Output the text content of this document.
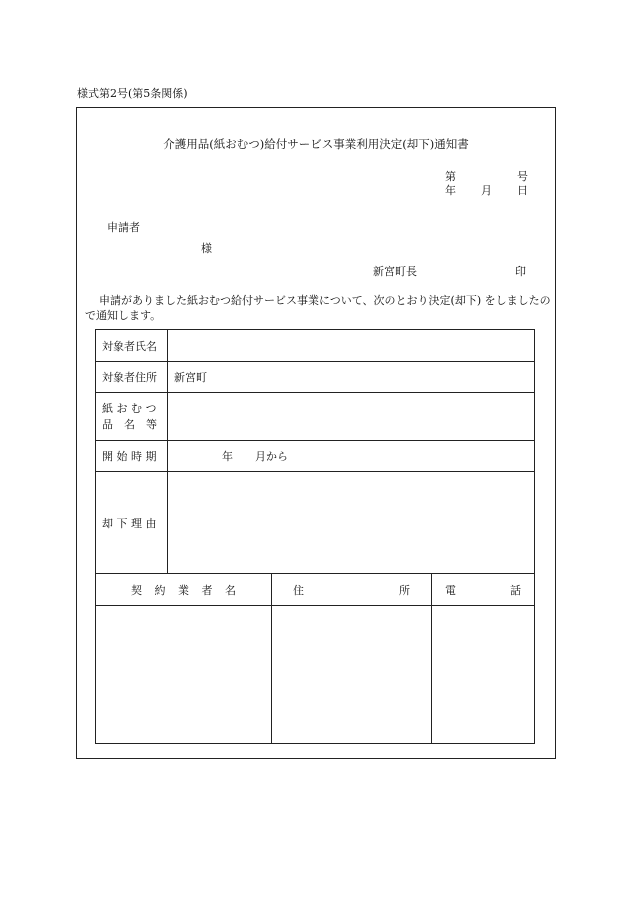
様式第2号(第5条関係)
介護用品(紙おむつ)給付サービス事業利用決定(却下)通知書
第	号
年 月 日
申請者
様
新宮町長	印
申請がありました紙おむつ給付サービス事業について、次のとおり決定(却下) をしましたので通知します。
対象者氏名	
対象者住所	新宮町

紙 お む つ
品　名　等	

開 始 時 期	年 月から
却 下 理 由	
契 約 業 者 名	住 所	電 話
